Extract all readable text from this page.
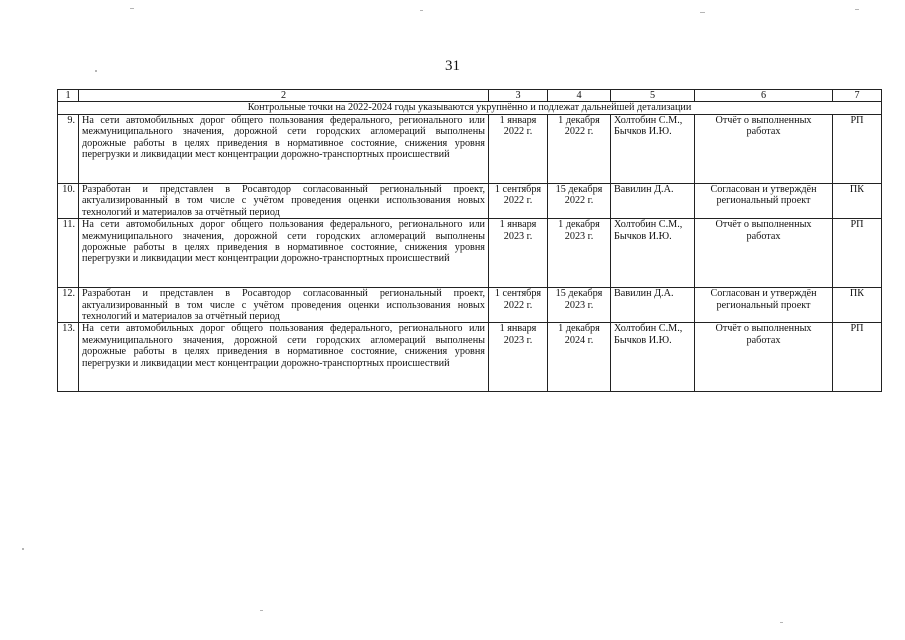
31
1	2	3	4	5	6	7
Контрольные точки на 2022-2024 годы указываются укрупнённо и подлежат дальнейшей детализации						
9.	На сети автомобильных дорог общего пользования федерального, регионального или межмуниципального значения, дорожной сети городских агломераций выполнены дорожные работы в целях приведения в нормативное состояние, снижения уровня перегрузки и ликвидации мест концентрации дорожно-транспортных происшествий	1 января 2022 г.	1 декабря 2022 г.	Холтобин С.М., Бычков И.Ю.	Отчёт о выполненных работах	РП
10.	Разработан и представлен в Росавтодор согласованный региональный проект, актуализированный в том числе с учётом проведения оценки использования новых технологий и материалов за отчётный период	1 сентября 2022 г.	15 декабря 2022 г.	Вавилин Д.А.	Согласован и утверждён региональный проект	ПК
11.	На сети автомобильных дорог общего пользования федерального, регионального или межмуниципального значения, дорожной сети городских агломераций выполнены дорожные работы в целях приведения в нормативное состояние, снижения уровня перегрузки и ликвидации мест концентрации дорожно-транспортных происшествий	1 января 2023 г.	1 декабря 2023 г.	Холтобин С.М., Бычков И.Ю.	Отчёт о выполненных работах	РП
12.	Разработан и представлен в Росавтодор согласованный региональный проект, актуализированный в том числе с учётом проведения оценки использования новых технологий и материалов за отчётный период	1 сентября 2022 г.	15 декабря 2023 г.	Вавилин Д.А.	Согласован и утверждён региональный проект	ПК
13.	На сети автомобильных дорог общего пользования федерального, регионального или межмуниципального значения, дорожной сети городских агломераций выполнены дорожные работы в целях приведения в нормативное состояние, снижения уровня перегрузки и ликвидации мест концентрации дорожно-транспортных происшествий	1 января 2023 г.	1 декабря 2024 г.	Холтобин С.М., Бычков И.Ю.	Отчёт о выполненных работах	РП
